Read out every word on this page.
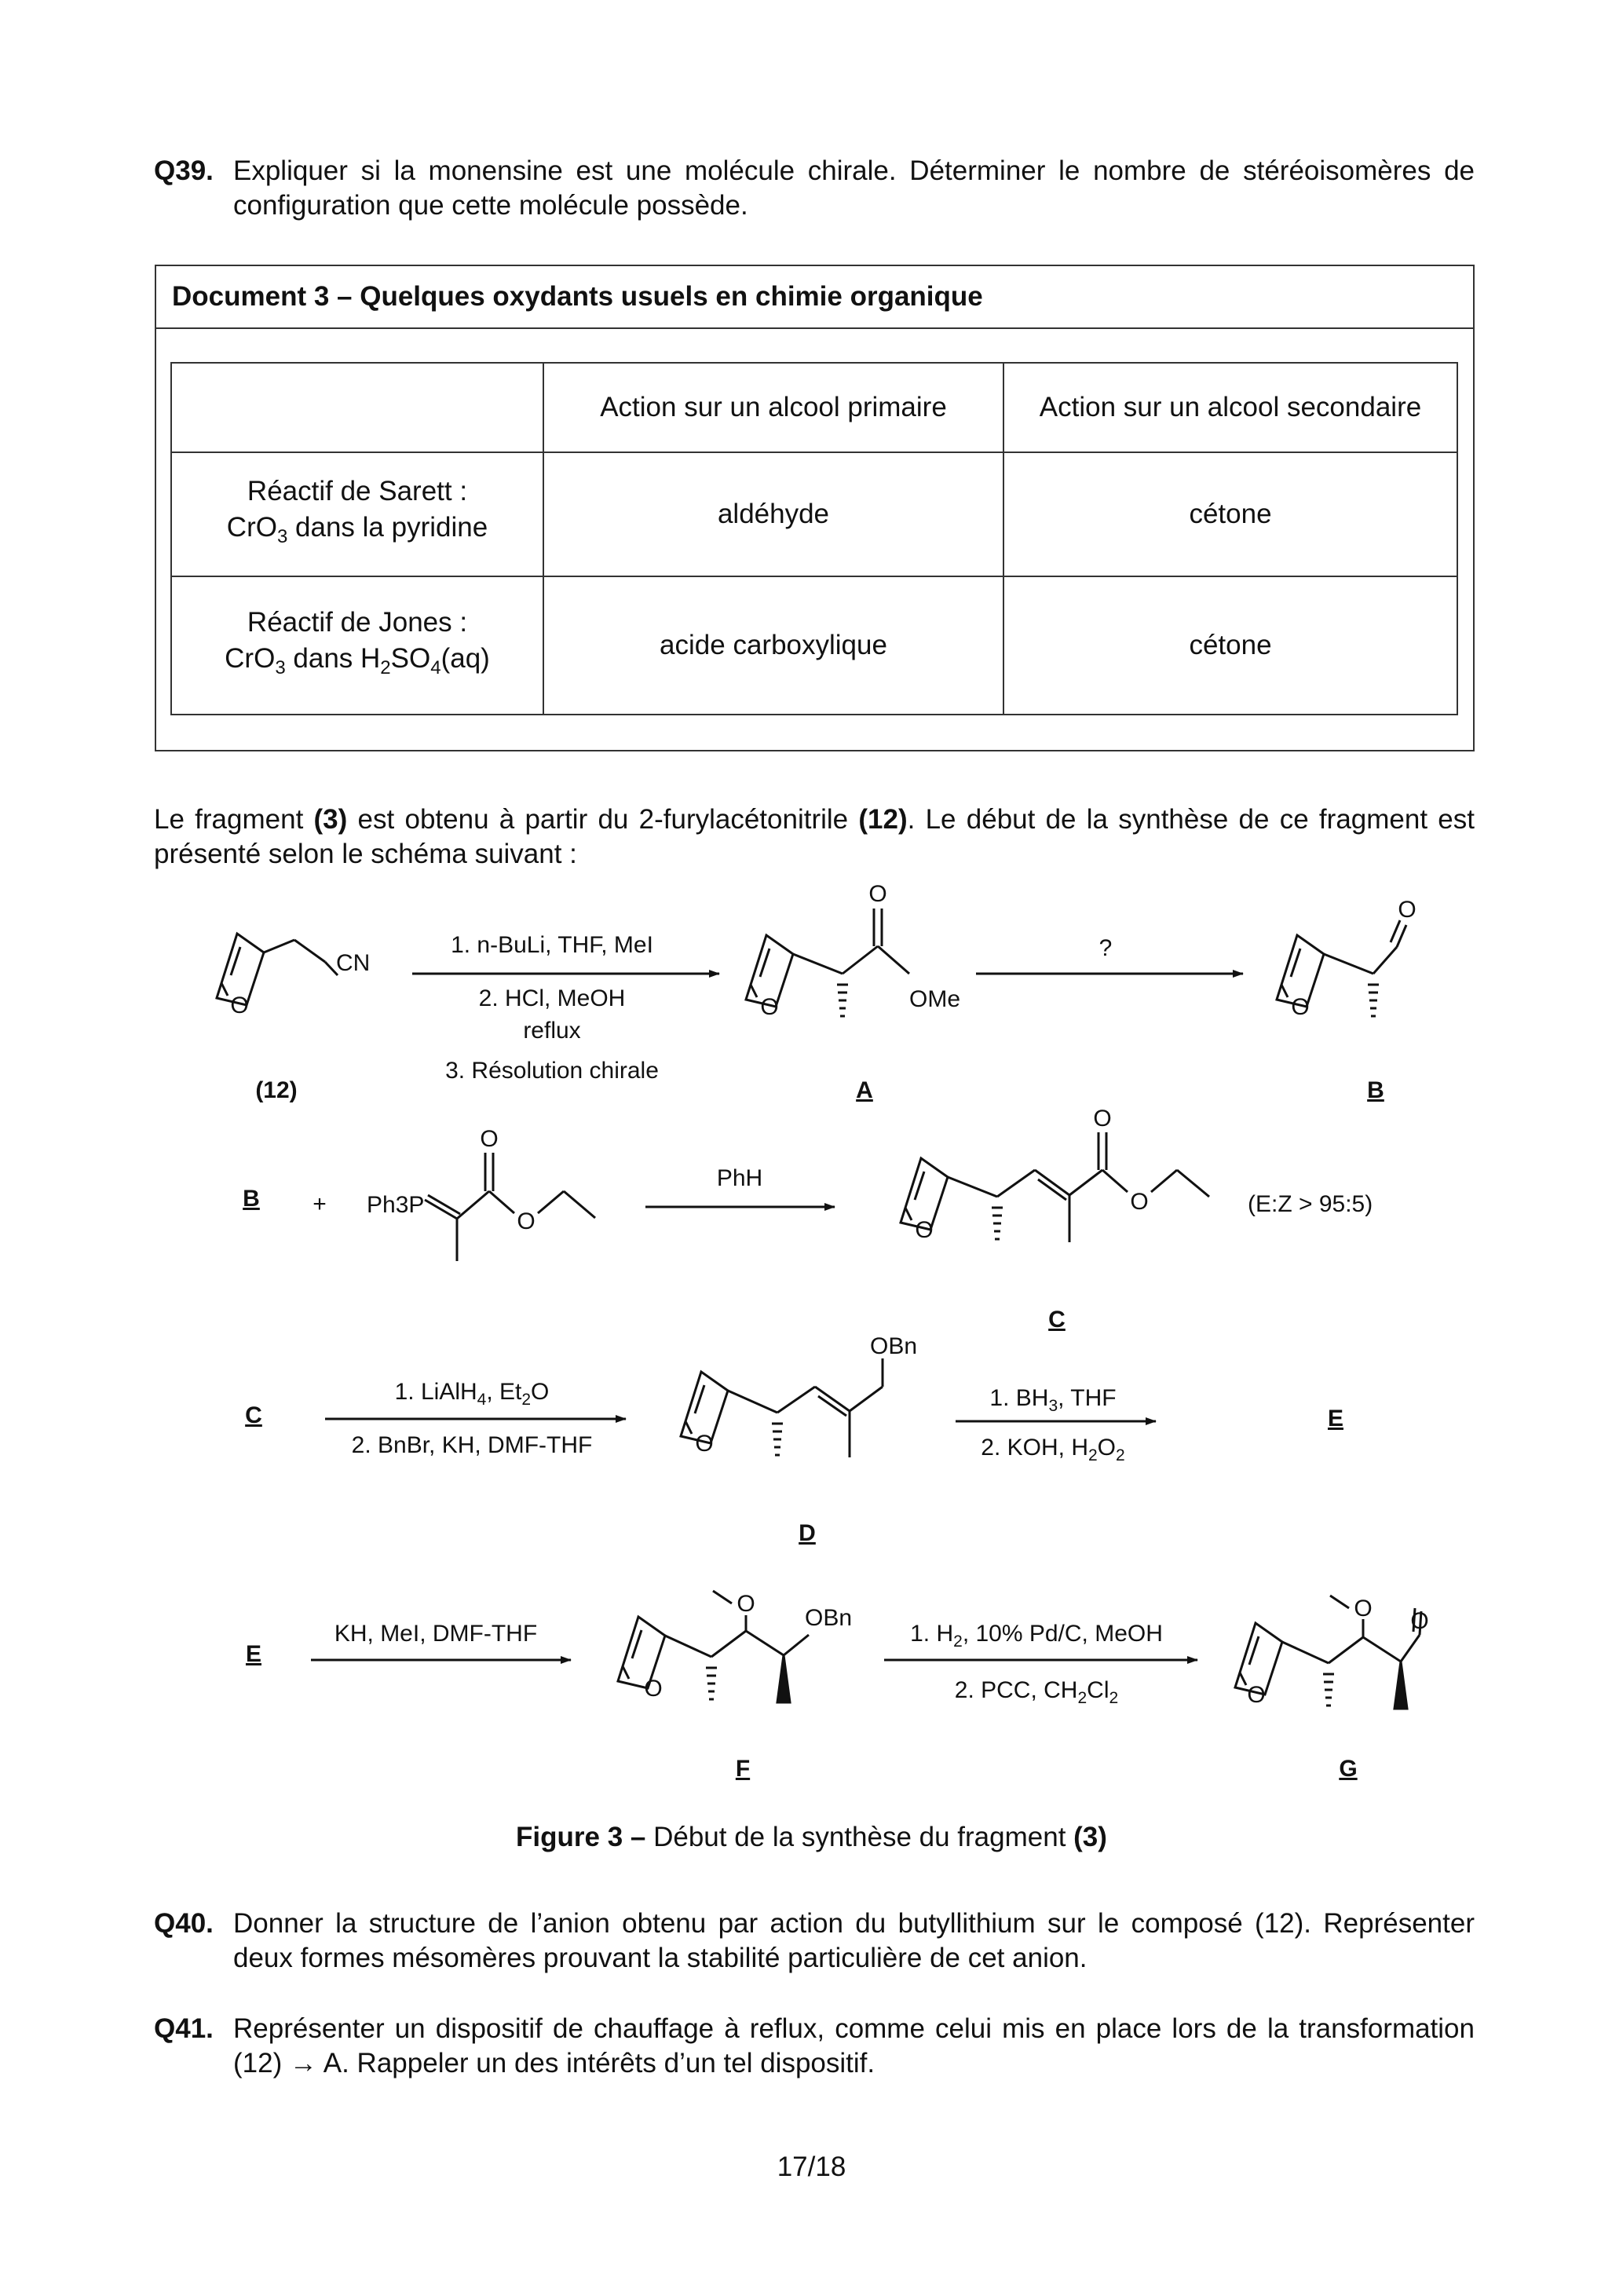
Q39. Expliquer si la monensine est une molécule chirale. Déterminer le nombre de stéréoisomères de configuration que cette molécule possède.
Document 3 – Quelques oxydants usuels en chimie organique
	Action sur un alcool primaire	Action sur un alcool secondaire

Réactif de Sarett :
CrO$_3$ dans la pyridine	aldéhyde	cétone

Réactif de Jones :
CrO$_3$ dans $H_2SO_4(aq)$	acide carboxylique	cétone
Le fragment (3) est obtenu à partir du 2-furylacétonitrile (12). Le début de la synthèse de ce fragment est présenté selon le schéma suivant :
O
CN
(12)
1. n-BuLi, THF, MeI
2. HCl, MeOH
reflux
3. Résolution chirale
O
O
OMe
A
?
O
O
B
B + Ph3P
O
O
PhH
O
O
O	(E:Z > 95:5)
C
C
1. LiAlH$_4$, $Et_2O$
2. BnBr, KH, DMF-THF	O
OBn
D
1. $BH_3$, THF
2. KOH, $H_2O_2$
E
E
KH, MeI, DMF-THF
O
O
OBn
F
1. $H_2$, 10% Pd/C, MeOH
2. PCC, $CH_2Cl_2$	O
O O
G
Figure 3 – Début de la synthèse du fragment (3)
Q40. Donner la structure de l’anion obtenu par action du butyllithium sur le composé (12). Représenter deux formes mésomères prouvant la stabilité particulière de cet anion.
Q41. Représenter un dispositif de chauffage à reflux, comme celui mis en place lors de la transformation (12) → A. Rappeler un des intérêts d’un tel dispositif.
17/18
